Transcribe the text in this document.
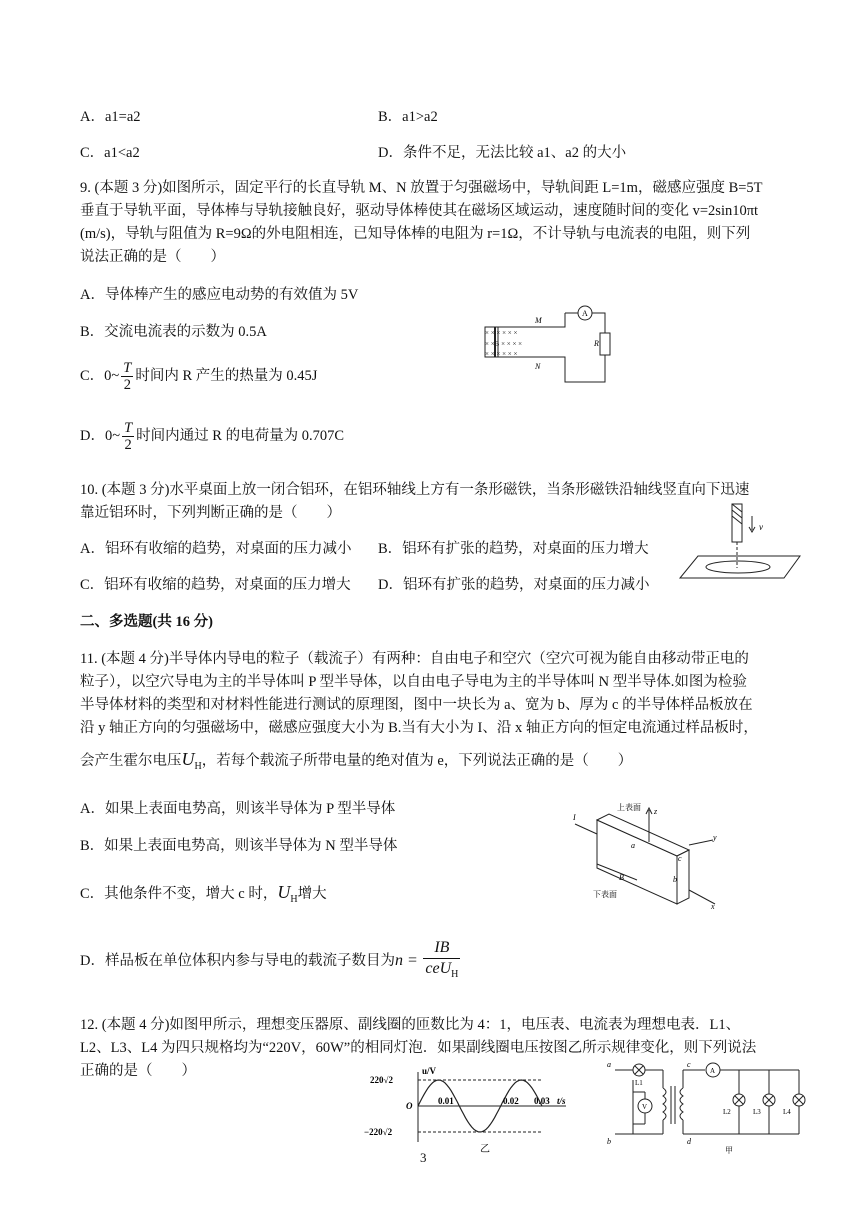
A．a1=a2	B．a1>a2
C．a1<a2	D．条件不足，无法比较 a1、a2 的大小
9. (本题 3 分)如图所示，固定平行的长直导轨 M、N 放置于匀强磁场中，导轨间距 L=1m，磁感应强度 B=5T
垂直于导轨平面，导体棒与导轨接触良好，驱动导体棒使其在磁场区域运动，速度随时间的变化 v=2sin10πt
(m/s)，导轨与阻值为 R=9Ω的外电阻相连，已知导体棒的电阻为 r=1Ω，不计导轨与电流表的电阻，则下列
说法正确的是（　　）
A．导体棒产生的感应电动势的有效值为 5V
B．交流电流表的示数为 0.5A
C．0~ $\frac{T}{2}$ 时间内 R 产生的热量为 0.45J
D．0~ $\frac{T}{2}$ 时间内通过 R 的电荷量为 0.707C
× × × × × ×
× ×B × × × ×
× × × × × ×
A
M
N
R
10. (本题 3 分)水平桌面上放一闭合铝环，在铝环轴线上方有一条形磁铁，当条形磁铁沿轴线竖直向下迅速
靠近铝环时，下列判断正确的是（　　）
A．铝环有收缩的趋势，对桌面的压力减小 B．铝环有扩张的趋势，对桌面的压力增大
C．铝环有收缩的趋势，对桌面的压力增大 D．铝环有扩张的趋势，对桌面的压力减小
v
二、多选题(共 16 分)
11. (本题 4 分)半导体内导电的粒子（载流子）有两种：自由电子和空穴（空穴可视为能自由移动带正电的
粒子），以空穴导电为主的半导体叫 P 型半导体，以自由电子导电为主的半导体叫 N 型半导体.如图为检验
半导体材料的类型和对材料性能进行测试的原理图，图中一块长为 a、宽为 b、厚为 c 的半导体样品板放在
沿 y 轴正方向的匀强磁场中，磁感应强度大小为 B.当有大小为 I、沿 x 轴正方向的恒定电流通过样品板时，
会产生霍尔电压$U_H$，若每个载流子所带电量的绝对值为 e，下列说法正确的是（　　）
A．如果上表面电势高，则该半导体为 P 型半导体
B．如果上表面电势高，则该半导体为 N 型半导体
C．其他条件不变，增大 c 时，$U_H$增大
D．样品板在单位体积内参与导电的载流子数目为$n = \frac{IB}{ceU_H}$
z
y
x
I
B
a
b
c
上表面
下表面
12. (本题 4 分)如图甲所示，理想变压器原、副线圈的匝数比为 4：1，电压表、电流表为理想电表．L1、
L2、L3、L4 为四只规格均为“220V，60W”的相同灯泡．如果副线圈电压按图乙所示规律变化，则下列说法
正确的是（　　）	u/V
220√2
O
−220√2
0.01	0.02 0.03 t/s
乙
a
b
c
d
L1
V
A
L2	L3	L4
甲
3
